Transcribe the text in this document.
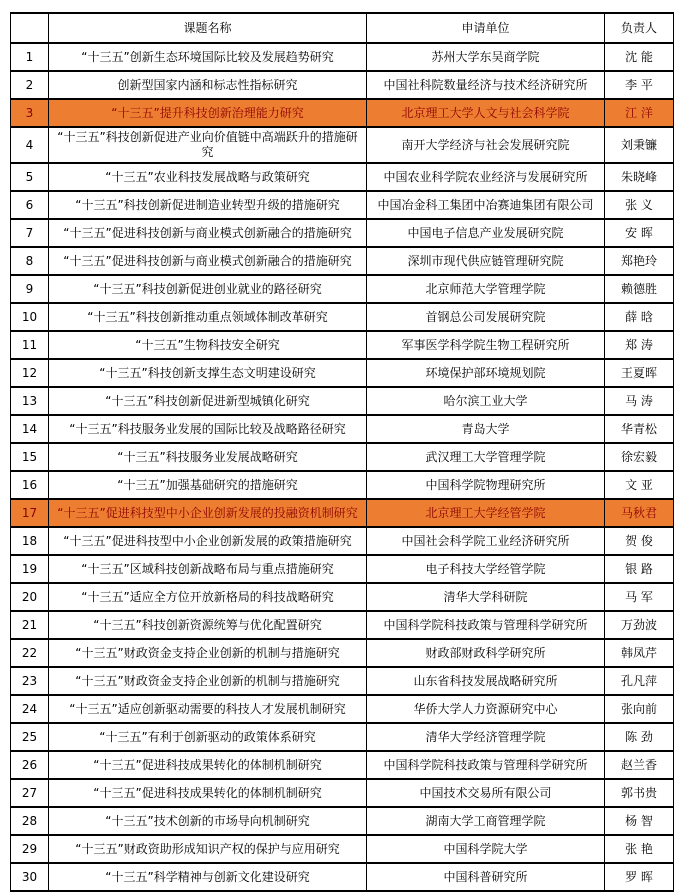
	课题名称	申请单位	负责人
1	“十三五”创新生态环境国际比较及发展趋势研究	苏州大学东吴商学院	沈 能
2	创新型国家内涵和标志性指标研究	中国社科院数量经济与技术经济研究所	李 平
3	“十三五”提升科技创新治理能力研究	北京理工大学人文与社会科学院	江 洋
4	“十三五”科技创新促进产业向价值链中高端跃升的措施研究	南开大学经济与社会发展研究院	刘秉镰
5	“十三五”农业科技发展战略与政策研究	中国农业科学院农业经济与发展研究所	朱晓峰
6	“十三五”科技创新促进制造业转型升级的措施研究	中国冶金科工集团中冶赛迪集团有限公司	张 义
7	“十三五”促进科技创新与商业模式创新融合的措施研究	中国电子信息产业发展研究院	安 晖
8	“十三五”促进科技创新与商业模式创新融合的措施研究	深圳市现代供应链管理研究院	郑艳玲
9	“十三五”科技创新促进创业就业的路径研究	北京师范大学管理学院	赖德胜
10	“十三五”科技创新推动重点领域体制改革研究	首钢总公司发展研究院	薛 晗
11	“十三五”生物科技安全研究	军事医学科学院生物工程研究所	郑 涛
12	“十三五”科技创新支撑生态文明建设研究	环境保护部环境规划院	王夏晖
13	“十三五”科技创新促进新型城镇化研究	哈尔滨工业大学	马 涛
14	“十三五”科技服务业发展的国际比较及战略路径研究	青岛大学	华青松
15	“十三五”科技服务业发展战略研究	武汉理工大学管理学院	徐宏毅
16	“十三五”加强基础研究的措施研究	中国科学院物理研究所	文 亚
17	“十三五”促进科技型中小企业创新发展的投融资机制研究	北京理工大学经管学院	马秋君
18	“十三五”促进科技型中小企业创新发展的政策措施研究	中国社会科学院工业经济研究所	贺 俊
19	“十三五”区域科技创新战略布局与重点措施研究	电子科技大学经管学院	银 路
20	“十三五”适应全方位开放新格局的科技战略研究	清华大学科研院	马 军
21	“十三五”科技创新资源统筹与优化配置研究	中国科学院科技政策与管理科学研究所	万劲波
22	“十三五”财政资金支持企业创新的机制与措施研究	财政部财政科学研究所	韩凤芹
23	“十三五”财政资金支持企业创新的机制与措施研究	山东省科技发展战略研究所	孔凡萍
24	“十三五”适应创新驱动需要的科技人才发展机制研究	华侨大学人力资源研究中心	张向前
25	“十三五”有利于创新驱动的政策体系研究	清华大学经济管理学院	陈 劲
26	“十三五”促进科技成果转化的体制机制研究	中国科学院科技政策与管理科学研究所	赵兰香
27	“十三五”促进科技成果转化的体制机制研究	中国技术交易所有限公司	郭书贵
28	“十三五”技术创新的市场导向机制研究	湖南大学工商管理学院	杨 智
29	“十三五”财政资助形成知识产权的保护与应用研究	中国科学院大学	张 艳
30	“十三五”科学精神与创新文化建设研究	中国科普研究所	罗 晖
